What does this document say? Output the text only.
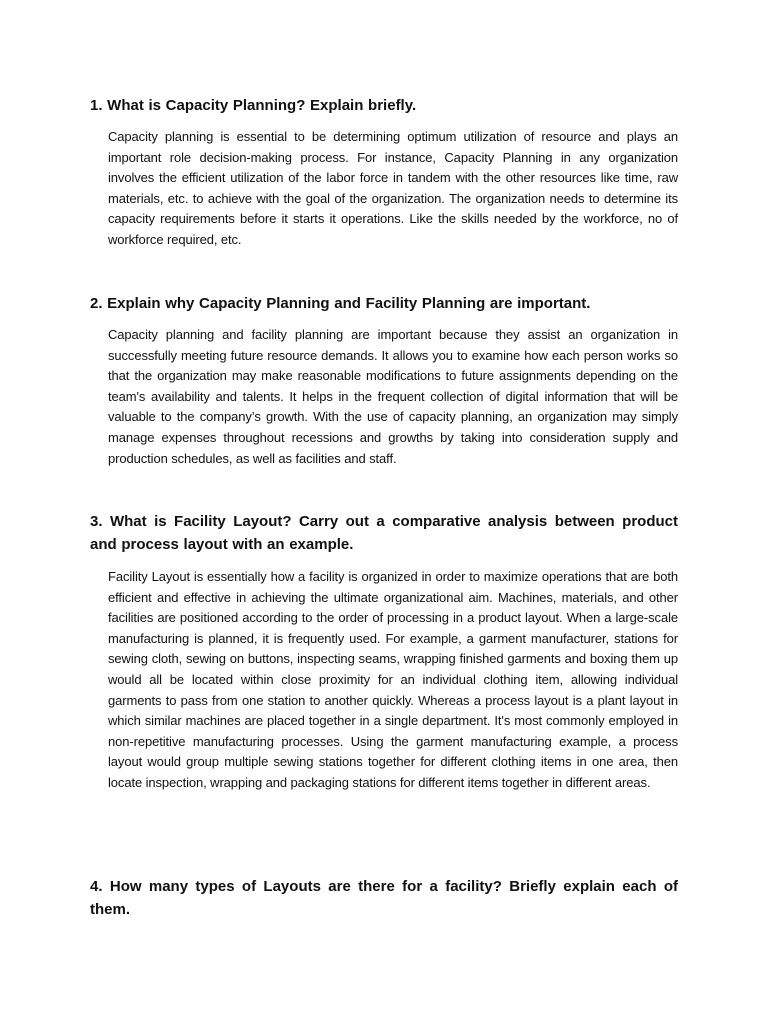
1. What is Capacity Planning? Explain briefly.

Capacity planning is essential to be determining optimum utilization of resource and plays an important role decision-making process. For instance, Capacity Planning in any organization involves the efficient utilization of the labor force in tandem with the other resources like time, raw materials, etc. to achieve with the goal of the organization. The organization needs to determine its capacity requirements before it starts it operations. Like the skills needed by the workforce, no of workforce required, etc.

2. Explain why Capacity Planning and Facility Planning are important.

Capacity planning and facility planning are important because they assist an organization in successfully meeting future resource demands. It allows you to examine how each person works so that the organization may make reasonable modifications to future assignments depending on the team's availability and talents. It helps in the frequent collection of digital information that will be valuable to the company’s growth. With the use of capacity planning, an organization may simply manage expenses throughout recessions and growths by taking into consideration supply and production schedules, as well as facilities and staff.

3. What is Facility Layout? Carry out a comparative analysis between product and process layout with an example.

Facility Layout is essentially how a facility is organized in order to maximize operations that are both efficient and effective in achieving the ultimate organizational aim. Machines, materials, and other facilities are positioned according to the order of processing in a product layout. When a large-scale manufacturing is planned, it is frequently used. For example, a garment manufacturer, stations for sewing cloth, sewing on buttons, inspecting seams, wrapping finished garments and boxing them up would all be located within close proximity for an individual clothing item, allowing individual garments to pass from one station to another quickly. Whereas a process layout is a plant layout in which similar machines are placed together in a single department. It's most commonly employed in non-repetitive manufacturing processes. Using the garment manufacturing example, a process layout would group multiple sewing stations together for different clothing items in one area, then locate inspection, wrapping and packaging stations for different items together in different areas.

4. How many types of Layouts are there for a facility? Briefly explain each of them.
